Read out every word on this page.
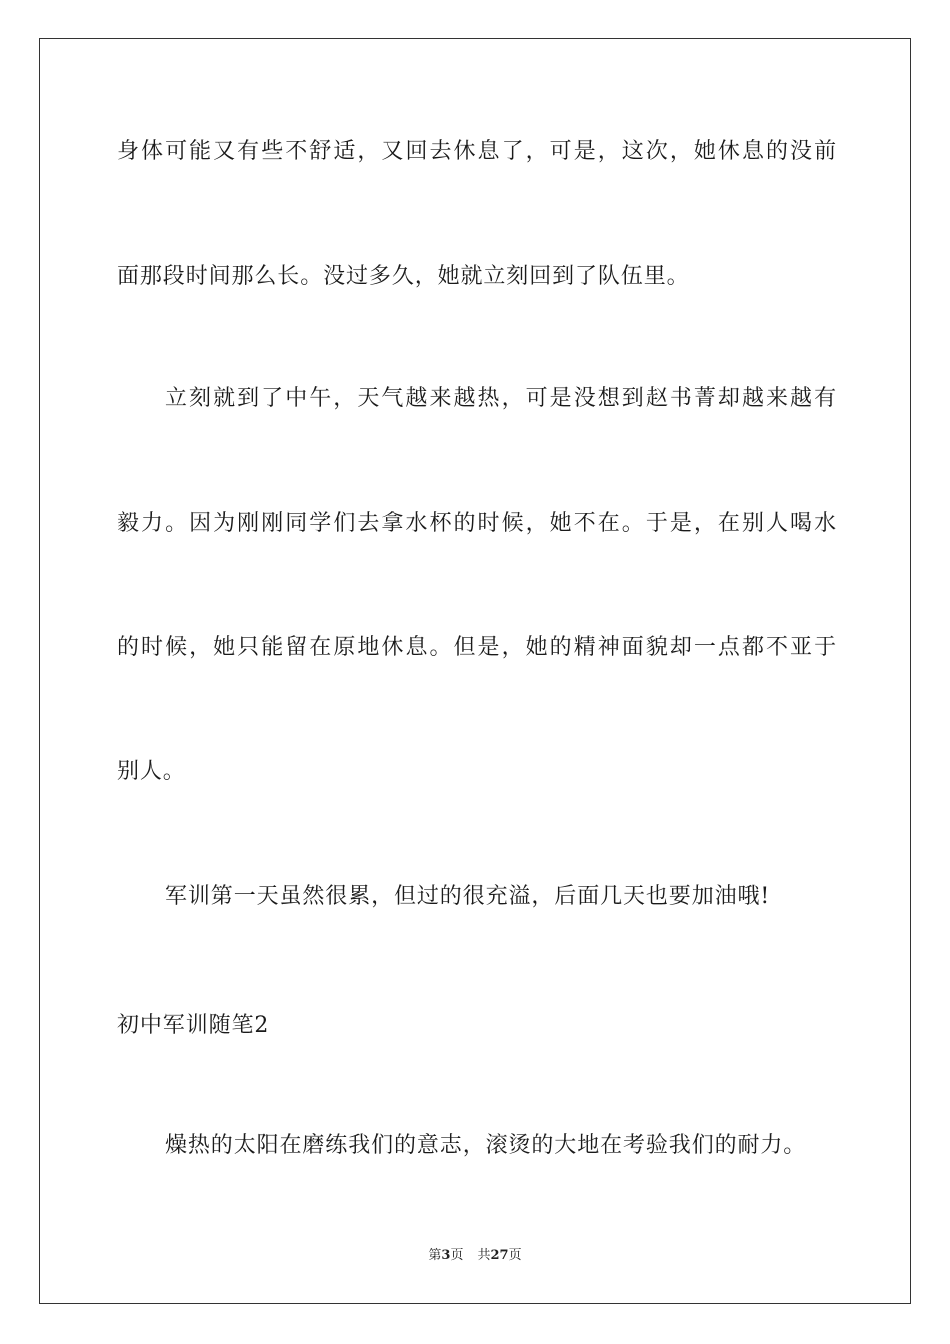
身体可能又有些不舒适，又回去休息了，可是，这次，她休息的没前
面那段时间那么长。没过多久，她就立刻回到了队伍里。
立刻就到了中午，天气越来越热，可是没想到赵书菁却越来越有
毅力。因为刚刚同学们去拿水杯的时候，她不在。于是，在别人喝水
的时候，她只能留在原地休息。但是，她的精神面貌却一点都不亚于
别人。
军训第一天虽然很累，但过的很充溢，后面几天也要加油哦!
初中军训随笔2
燥热的太阳在磨练我们的意志，滚烫的大地在考验我们的耐力。
第3页 共27页
